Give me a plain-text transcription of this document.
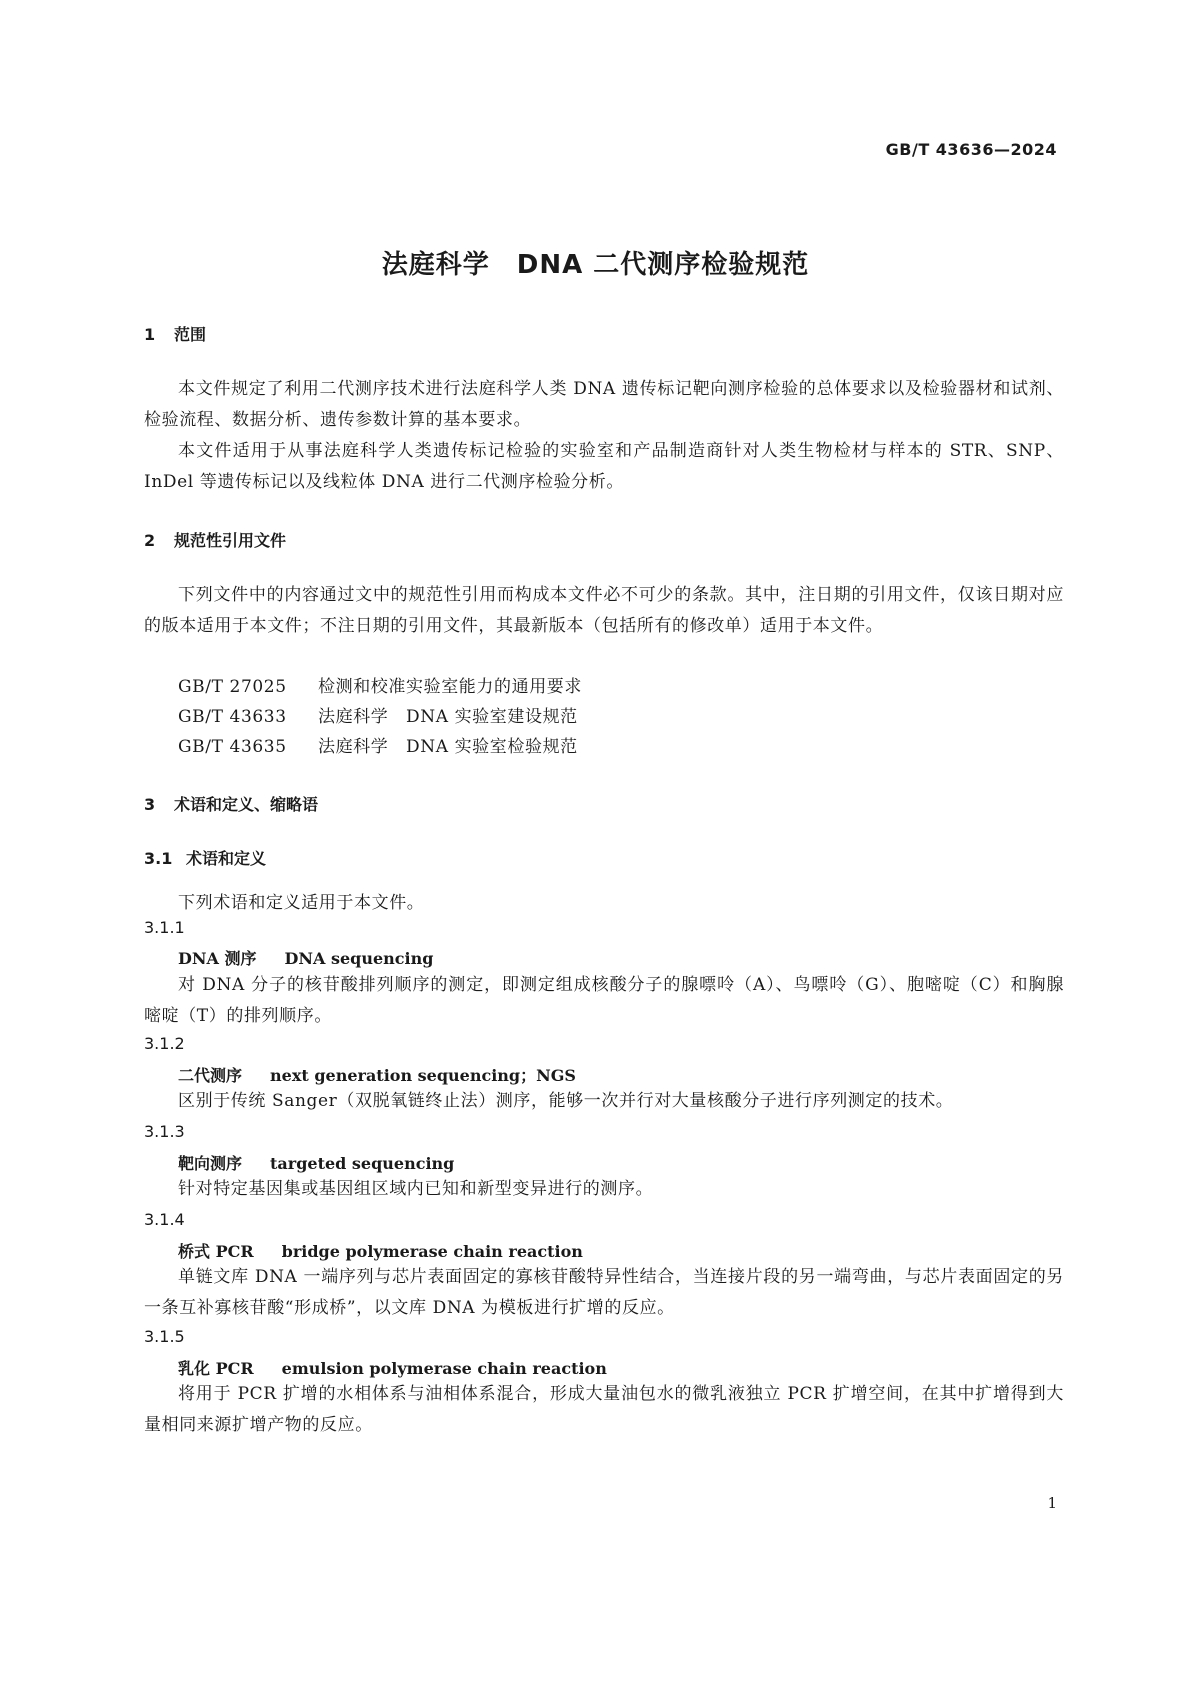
GB/T 43636—2024
法庭科学　DNA 二代测序检验规范
1 范围
本文件规定了利用二代测序技术进行法庭科学人类 DNA 遗传标记靶向测序检验的总体要求以及检验器材和试剂、检验流程、数据分析、遗传参数计算的基本要求。
本文件适用于从事法庭科学人类遗传标记检验的实验室和产品制造商针对人类生物检材与样本的 STR、SNP、InDel 等遗传标记以及线粒体 DNA 进行二代测序检验分析。
2 规范性引用文件
下列文件中的内容通过文中的规范性引用而构成本文件必不可少的条款。其中，注日期的引用文件，仅该日期对应的版本适用于本文件；不注日期的引用文件，其最新版本（包括所有的修改单）适用于本文件。
GB/T 27025 检测和校准实验室能力的通用要求
GB/T 43633 法庭科学　DNA 实验室建设规范
GB/T 43635 法庭科学　DNA 实验室检验规范
3 术语和定义、缩略语
3.1 术语和定义
下列术语和定义适用于本文件。
3.1.1
DNA 测序 DNA sequencing
对 DNA 分子的核苷酸排列顺序的测定，即测定组成核酸分子的腺嘌呤（A）、鸟嘌呤（G）、胞嘧啶（C）和胸腺嘧啶（T）的排列顺序。
3.1.2
二代测序 next generation sequencing；NGS
区别于传统 Sanger（双脱氧链终止法）测序，能够一次并行对大量核酸分子进行序列测定的技术。
3.1.3
靶向测序 targeted sequencing
针对特定基因集或基因组区域内已知和新型变异进行的测序。
3.1.4
桥式 PCR bridge polymerase chain reaction
单链文库 DNA 一端序列与芯片表面固定的寡核苷酸特异性结合，当连接片段的另一端弯曲，与芯片表面固定的另一条互补寡核苷酸“形成桥”，以文库 DNA 为模板进行扩增的反应。
3.1.5
乳化 PCR emulsion polymerase chain reaction
将用于 PCR 扩增的水相体系与油相体系混合，形成大量油包水的微乳液独立 PCR 扩增空间，在其中扩增得到大量相同来源扩增产物的反应。
1
